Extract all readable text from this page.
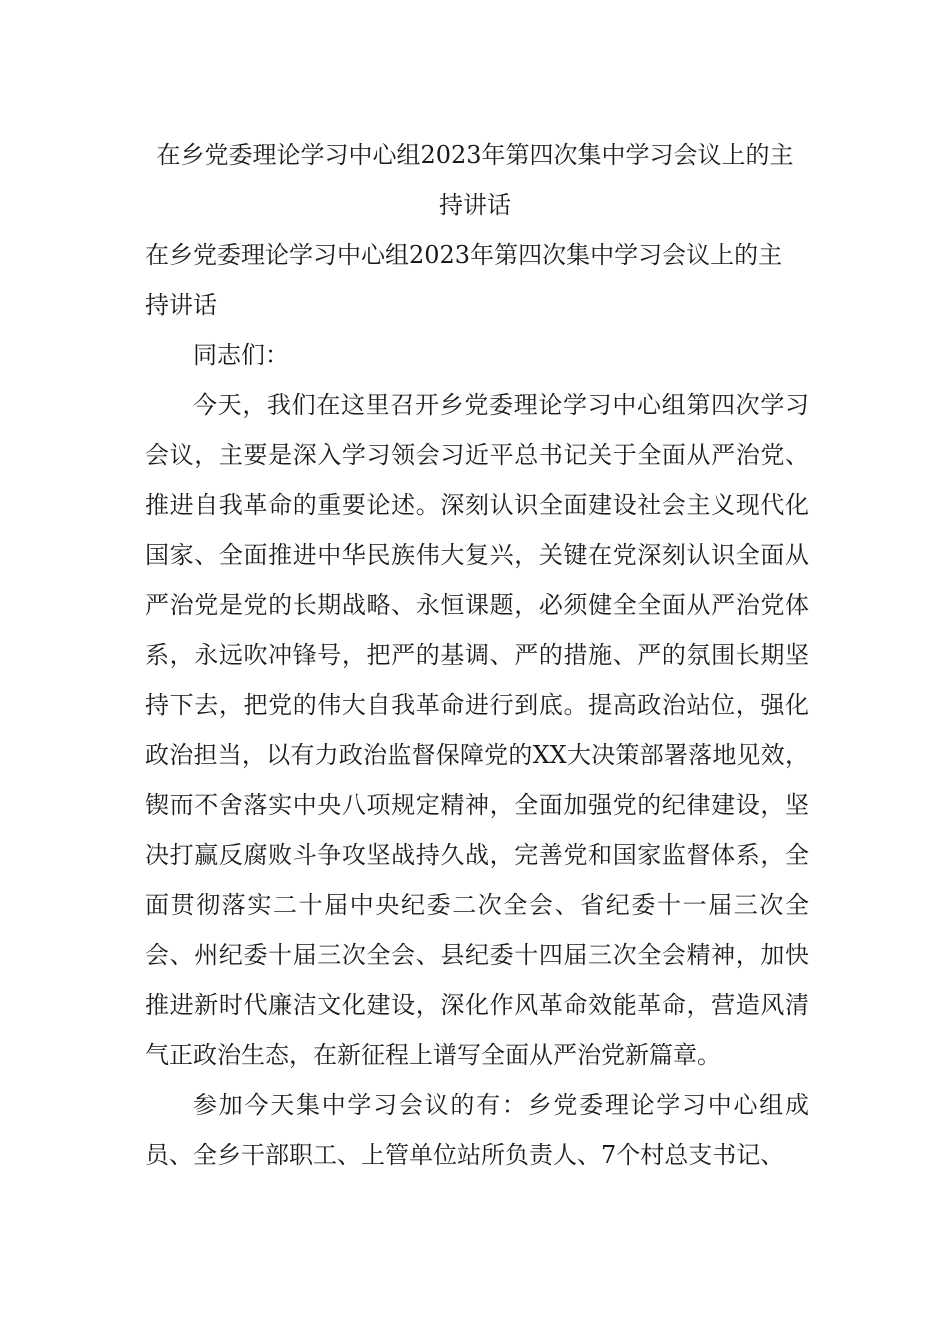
在乡党委理论学习中心组2023年第四次集中学习会议上的主持讲话
在乡党委理论学习中心组2023年第四次集中学习会议上的主持讲话

同志们：

今天，我们在这里召开乡党委理论学习中心组第四次学习会议，主要是深入学习领会习近平总书记关于全面从严治党、推进自我革命的重要论述。深刻认识全面建设社会主义现代化国家、全面推进中华民族伟大复兴，关键在党深刻认识全面从严治党是党的长期战略、永恒课题，必须健全全面从严治党体系，永远吹冲锋号，把严的基调、严的措施、严的氛围长期坚持下去，把党的伟大自我革命进行到底。提高政治站位，强化政治担当，以有力政治监督保障党的XX大决策部署落地见效，锲而不舍落实中央八项规定精神，全面加强党的纪律建设，坚决打赢反腐败斗争攻坚战持久战，完善党和国家监督体系，全面贯彻落实二十届中央纪委二次全会、省纪委十一届三次全会、州纪委十届三次全会、县纪委十四届三次全会精神，加快推进新时代廉洁文化建设，深化作风革命效能革命，营造风清气正政治生态，在新征程上谱写全面从严治党新篇章。

参加今天集中学习会议的有：乡党委理论学习中心组成员、全乡干部职工、上管单位站所负责人、7个村总支书记、
